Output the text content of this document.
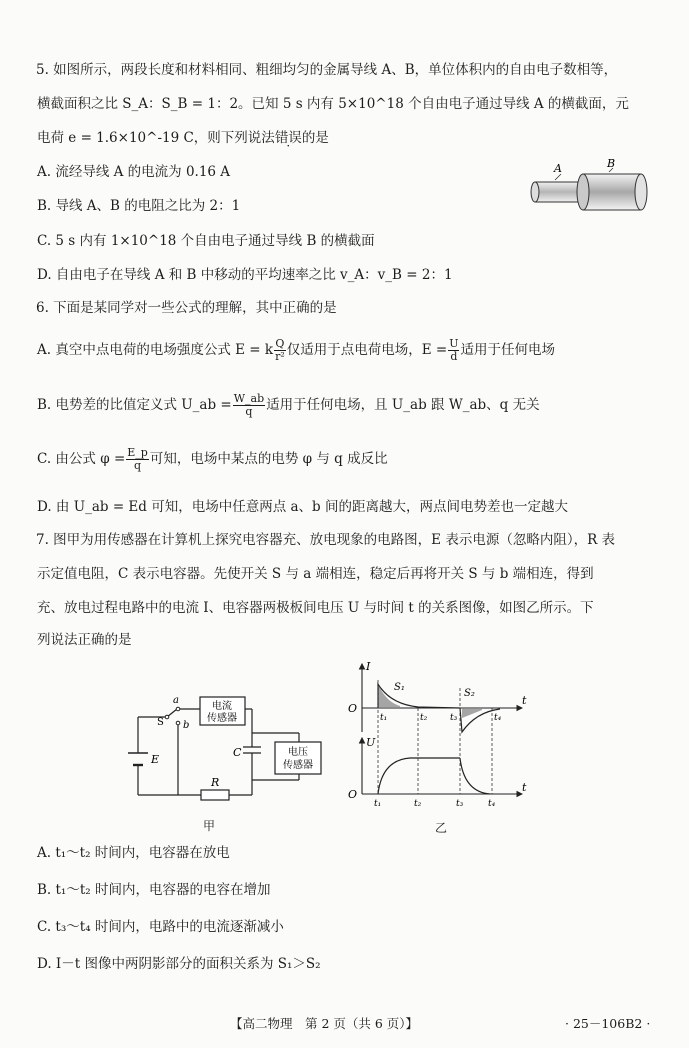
5. 如图所示，两段长度和材料相同、粗细均匀的金属导线 A、B，单位体积内的自由电子数相等，
横截面积之比 S_A：S_B = 1：2。已知 5 s 内有 5×10^18 个自由电子通过导线 A 的横截面，元
电荷 e = 1.6×10^-19 C，则下列说法错误的是
A. 流经导线 A 的电流为 0.16 A
B. 导线 A、B 的电阻之比为 2：1
C. 5 s 内有 1×10^18 个自由电子通过导线 B 的横截面
D. 自由电子在导线 A 和 B 中移动的平均速率之比 v_A：v_B = 2：1
A	B
6. 下面是某同学对一些公式的理解，其中正确的是
A. 真空中点电荷的电场强度公式 E = k $\frac{Q}{\text{r²}}$ 仅适用于点电荷电场，$E = \frac{U}{d}$ 适用于任何电场
B. 电势差的比值定义式 U_ab = $\frac{W\_ab}{q}$ 适用于任何电场，且 U_ab 跟 W_ab、q 无关
C. 由公式 $\varphi = \frac{E\_p}{q}$ 可知，电场中某点的电势 φ 与 q 成反比
D. 由 U_ab = Ed 可知，电场中任意两点 a、b 间的距离越大，两点间电势差也一定越大
7. 图甲为用传感器在计算机上探究电容器充、放电现象的电路图，E 表示电源（忽略内阻），R 表
示定值电阻，C 表示电容器。先使开关 S 与 a 端相连，稳定后再将开关 S 与 b 端相连，得到
充、放电过程电路中的电流 I、电容器两极板间电压 U 与时间 t 的关系图像，如图乙所示。下
列说法正确的是
a
S b
E
R
C
电流
传感器
电压
传感器
甲
I
U
O
O
t
t
S₁
S₂
t₁	t₂	t₃	t₄
t₁	t₂	t₃	t₄
乙
A. t₁～t₂ 时间内，电容器在放电
B. t₁～t₂ 时间内，电容器的电容在增加
C. t₃～t₄ 时间内，电路中的电流逐渐减小
D. I－t 图像中两阴影部分的面积关系为 S₁＞S₂
【高二物理　第 2 页（共 6 页）】	· 25－106B2 ·
